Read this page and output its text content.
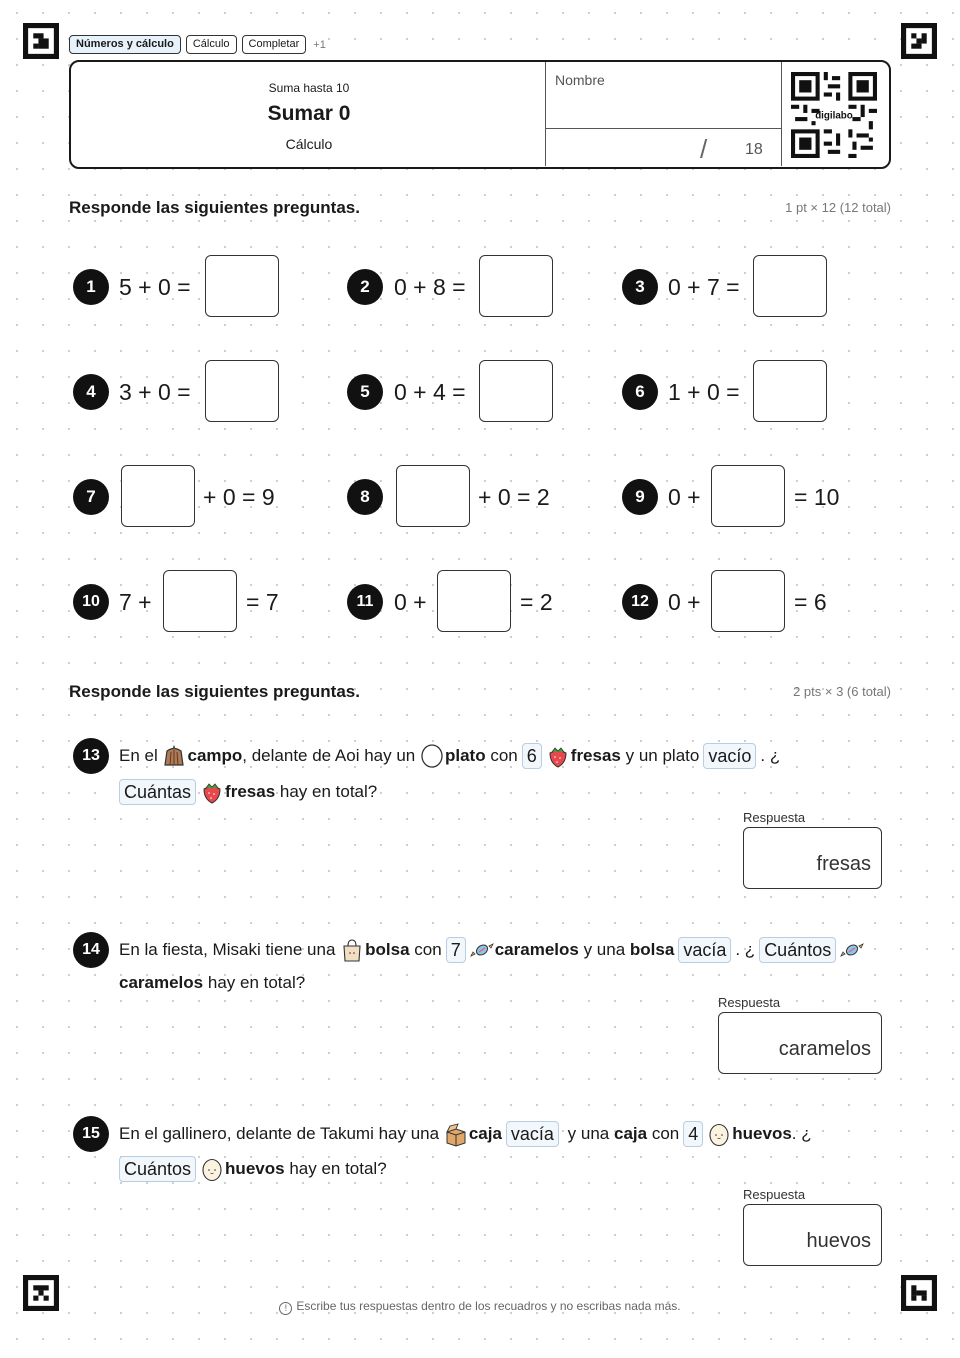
Números y cálculo	Cálculo	Completar	+1
Suma hasta 10
Sumar 0
Cálculo
Nombre
/ 18
digilabo
Responde las siguientes preguntas.	1 pt × 12 (12 total)
1	5 + 0 =	2	0 + 8 =	3	0 + 7 =
4	3 + 0 =	5	0 + 4 =	6	1 + 0 =
7	+ 0 = 9	8	+ 0 = 2	9	0 +	= 10
10 7 +	= 7	11 0 +	= 2	12 0 +	= 6
Responde las siguientes preguntas.	2 pts × 3 (6 total)
13	En el
campo , delante de Aoi hay un
plato
con 6 fresas
y un plato vacío . ¿
Cuántas fresas
hay en total?
Respuesta
fresas
14	En la fiesta, Misaki tiene una
bolsa
con 7 caramelos
y una
bolsa vacía . ¿ Cuántos
caramelos
hay en total?
Respuesta
caramelos
15	En el gallinero, delante de Takumi hay una
caja vacía
y una
caja
con 4 huevos . ¿
Cuántos huevos
hay en total?
Respuesta
huevos
! Escribe tus respuestas dentro de los recuadros y no escribas nada más.
